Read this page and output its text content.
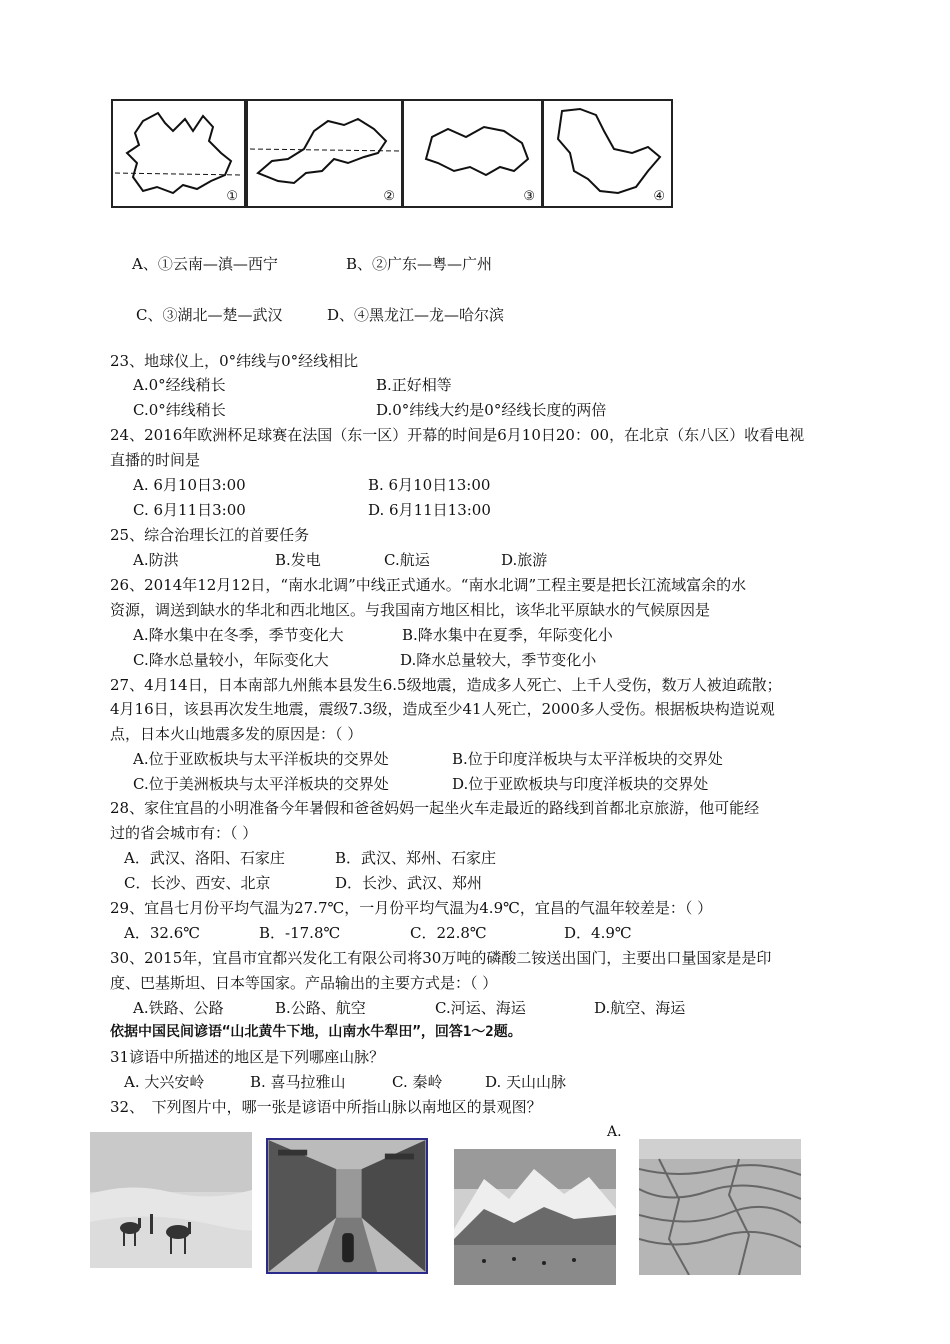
①	②	③	④
A、①云南—滇—西宁	B、②广东—粤—广州
C、③湖北—楚—武汉	D、④黑龙江—龙—哈尔滨
23、地球仪上，0°纬线与0°经线相比
A.0°经线稍长	B.正好相等
C.0°纬线稍长	D.0°纬线大约是0°经线长度的两倍
24、2016年欧洲杯足球赛在法国（东一区）开幕的时间是6月10日20：00，在北京（东八区）收看电视
直播的时间是
A. 6月10日3:00	B. 6月10日13:00
C. 6月11日3:00	D. 6月11日13:00
25、综合治理长江的首要任务
A.防洪	B.发电	C.航运	D.旅游
26、2014年12月12日，“南水北调”中线正式通水。“南水北调”工程主要是把长江流域富余的水
资源，调送到缺水的华北和西北地区。与我国南方地区相比，该华北平原缺水的气候原因是
A.降水集中在冬季，季节变化大	B.降水集中在夏季，年际变化小
C.降水总量较小，年际变化大	D.降水总量较大，季节变化小
27、4月14日，日本南部九州熊本县发生6.5级地震，造成多人死亡、上千人受伤，数万人被迫疏散；
4月16日，该县再次发生地震，震级7.3级，造成至少41人死亡，2000多人受伤。根据板块构造说观
点，日本火山地震多发的原因是：（ ）
A.位于亚欧板块与太平洋板块的交界处	B.位于印度洋板块与太平洋板块的交界处
C.位于美洲板块与太平洋板块的交界处	D.位于亚欧板块与印度洋板块的交界处
28、家住宜昌的小明准备今年暑假和爸爸妈妈一起坐火车走最近的路线到首都北京旅游，他可能经
过的省会城市有：（ ）
A．武汉、洛阳、石家庄	B．武汉、郑州、石家庄
C．长沙、西安、北京	D．长沙、武汉、郑州
29、宜昌七月份平均气温为27.7℃，一月份平均气温为4.9℃，宜昌的气温年较差是：（ ）
A．32.6℃	B．-17.8℃	C．22.8℃	D．4.9℃
30、2015年，宜昌市宜都兴发化工有限公司将30万吨的磷酸二铵送出国门，主要出口量国家是是印
度、巴基斯坦、日本等国家。产品输出的主要方式是：（ ）
A.铁路、公路	B.公路、航空	C.河运、海运	D.航空、海运
依据中国民间谚语“山北黄牛下地，山南水牛犁田”，回答1～2题。
31谚语中所描述的地区是下列哪座山脉？
A. 大兴安岭	B. 喜马拉雅山	C. 秦岭	D. 天山山脉
32、　下列图片中，哪一张是谚语中所指山脉以南地区的景观图？
A.
